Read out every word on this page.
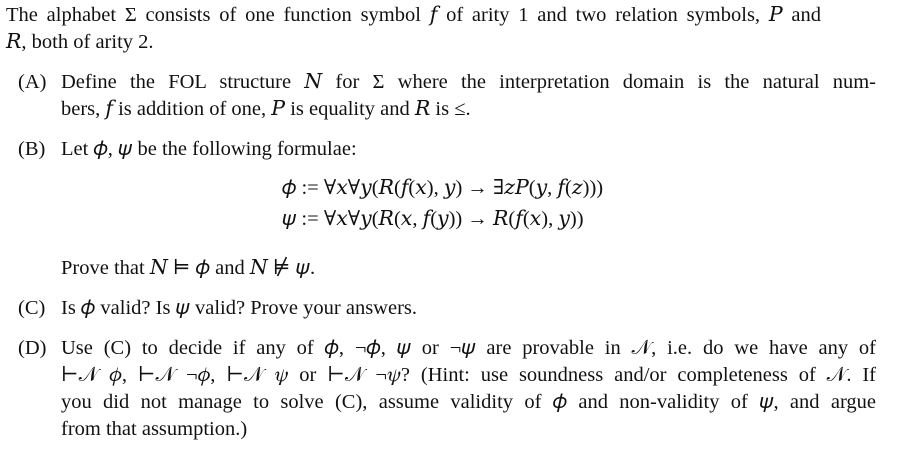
The alphabet Σ consists of one function symbol 𝑓 of arity 1 and two relation symbols, 𝑃 and
𝑅, both of arity 2.
(A) Define the FOL structure 𝑁 for Σ where the interpretation domain is the natural num-
bers, 𝑓 is addition of one, 𝑃 is equality and 𝑅 is ≤.
(B) Let 𝜙, 𝜓 be the following formulae:
𝜙 := ∀𝑥∀𝑦(𝑅(𝑓(𝑥), 𝑦) → ∃𝑧𝑃(𝑦, 𝑓(𝑧)))
𝜓 := ∀𝑥∀𝑦(𝑅(𝑥, 𝑓(𝑦)) → 𝑅(𝑓(𝑥), 𝑦))
Prove that 𝑁 ⊨ 𝜙 and 𝑁 ⊭ 𝜓.
(C) Is 𝜙 valid? Is 𝜓 valid? Prove your answers.
(D) Use (C) to decide if any of 𝜙, ¬𝜙, 𝜓 or ¬𝜓 are provable in 𝒩, i.e. do we have any of
⊢𝒩 𝜙, ⊢𝒩 ¬𝜙, ⊢𝒩 𝜓 or ⊢𝒩 ¬𝜓? (Hint: use soundness and/or completeness of 𝒩. If
you did not manage to solve (C), assume validity of 𝜙 and non-validity of 𝜓, and argue
from that assumption.)
